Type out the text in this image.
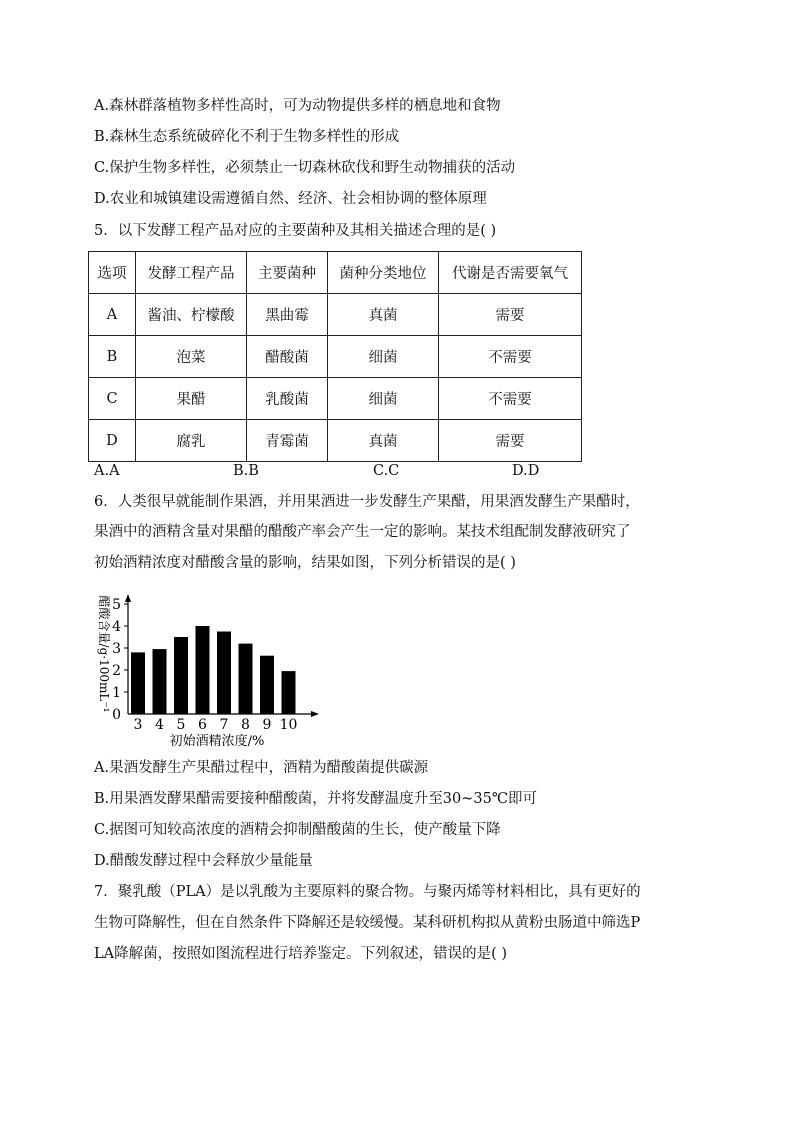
A.森林群落植物多样性高时，可为动物提供多样的栖息地和食物
B.森林生态系统破碎化不利于生物多样性的形成
C.保护生物多样性，必须禁止一切森林砍伐和野生动物捕获的活动
D.农业和城镇建设需遵循自然、经济、社会相协调的整体原理
5．以下发酵工程产品对应的主要菌种及其相关描述合理的是( )
选项	发酵工程产品	主要菌种	菌种分类地位	代谢是否需要氧气
A	酱油、柠檬酸	黑曲霉	真菌	需要
B	泡菜	醋酸菌	细菌	不需要
C	果醋	乳酸菌	细菌	不需要
D	腐乳	青霉菌	真菌	需要
A.A	B.B	C.C	D.D
6．人类很早就能制作果酒，并用果酒进一步发酵生产果醋，用果酒发酵生产果醋时，
果酒中的酒精含量对果醋的醋酸产率会产生一定的影响。某技术组配制发酵液研究了
初始酒精浓度对醋酸含量的影响，结果如图，下列分析错误的是( )
0
1
2
3
4
5
3 4 5 6 7 8 9 10
初始酒精浓度/%
醋酸含量/g·100mL⁻¹
A.果酒发酵生产果醋过程中，酒精为醋酸菌提供碳源
B.用果酒发酵果醋需要接种醋酸菌，并将发酵温度升至30~35℃即可
C.据图可知较高浓度的酒精会抑制醋酸菌的生长，使产酸量下降
D.醋酸发酵过程中会释放少量能量
7．聚乳酸（PLA）是以乳酸为主要原料的聚合物。与聚丙烯等材料相比，具有更好的
生物可降解性，但在自然条件下降解还是较缓慢。某科研机构拟从黄粉虫肠道中筛选P
LA降解菌，按照如图流程进行培养鉴定。下列叙述，错误的是( )
